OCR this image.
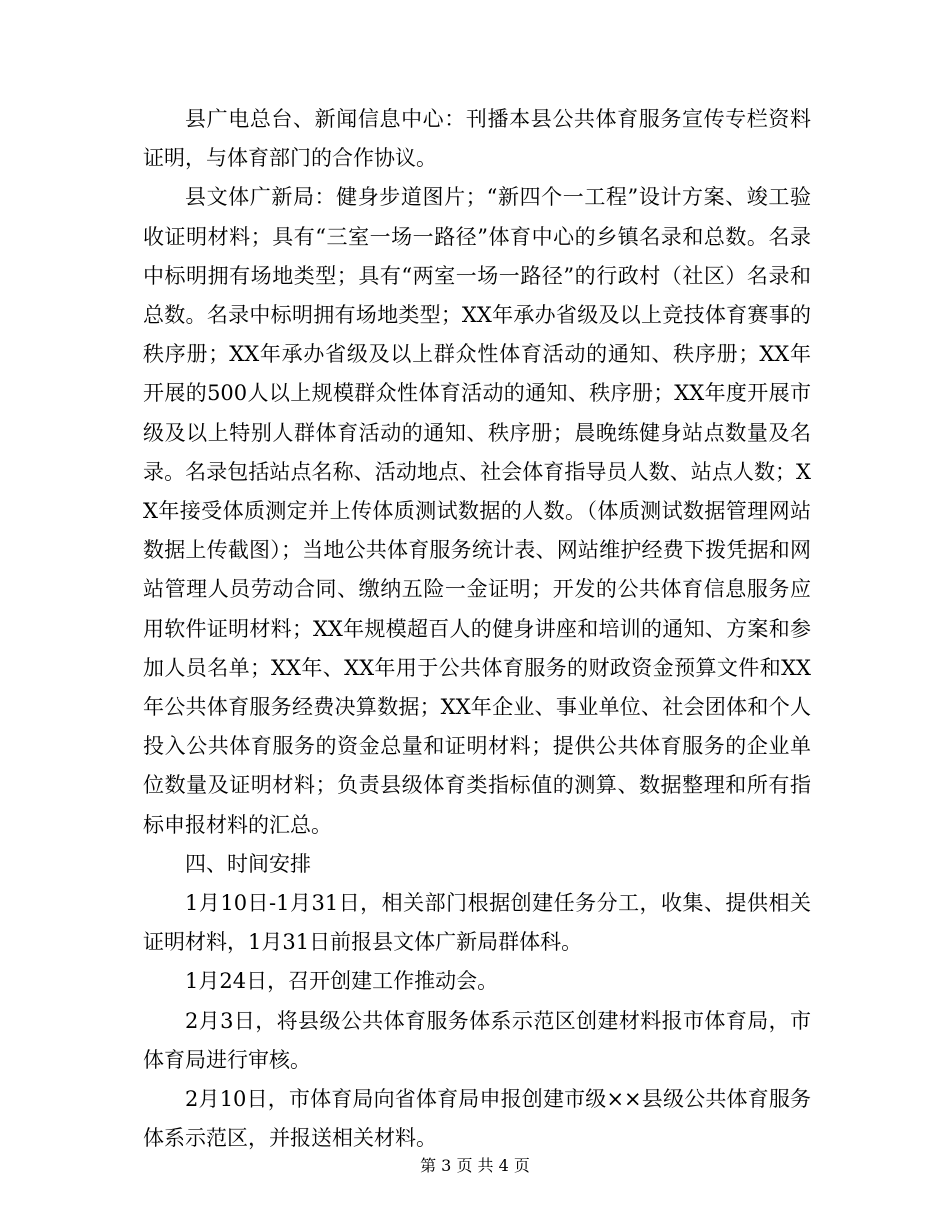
县广电总台、新闻信息中心：刊播本县公共体育服务宣传专栏资料证明，与体育部门的合作协议。

县文体广新局：健身步道图片；“新四个一工程”设计方案、竣工验收证明材料；具有“三室一场一路径”体育中心的乡镇名录和总数。名录中标明拥有场地类型；具有“两室一场一路径”的行政村（社区）名录和总数。名录中标明拥有场地类型；XX年承办省级及以上竞技体育赛事的秩序册；XX年承办省级及以上群众性体育活动的通知、秩序册；XX年开展的500人以上规模群众性体育活动的通知、秩序册；XX年度开展市级及以上特别人群体育活动的通知、秩序册；晨晚练健身站点数量及名录。名录包括站点名称、活动地点、社会体育指导员人数、站点人数；XX年接受体质测定并上传体质测试数据的人数。（体质测试数据管理网站数据上传截图）；当地公共体育服务统计表、网站维护经费下拨凭据和网站管理人员劳动合同、缴纳五险一金证明；开发的公共体育信息服务应用软件证明材料；XX年规模超百人的健身讲座和培训的通知、方案和参加人员名单；XX年、XX年用于公共体育服务的财政资金预算文件和XX年公共体育服务经费决算数据；XX年企业、事业单位、社会团体和个人投入公共体育服务的资金总量和证明材料；提供公共体育服务的企业单位数量及证明材料；负责县级体育类指标值的测算、数据整理和所有指标申报材料的汇总。

四、时间安排

1月10日-1月31日，相关部门根据创建任务分工，收集、提供相关证明材料，1月31日前报县文体广新局群体科。

1月24日，召开创建工作推动会。

2月3日，将县级公共体育服务体系示范区创建材料报市体育局，市体育局进行审核。

2月10日，市体育局向省体育局申报创建市级××县级公共体育服务体系示范区，并报送相关材料。

第 3 页 共 4 页
